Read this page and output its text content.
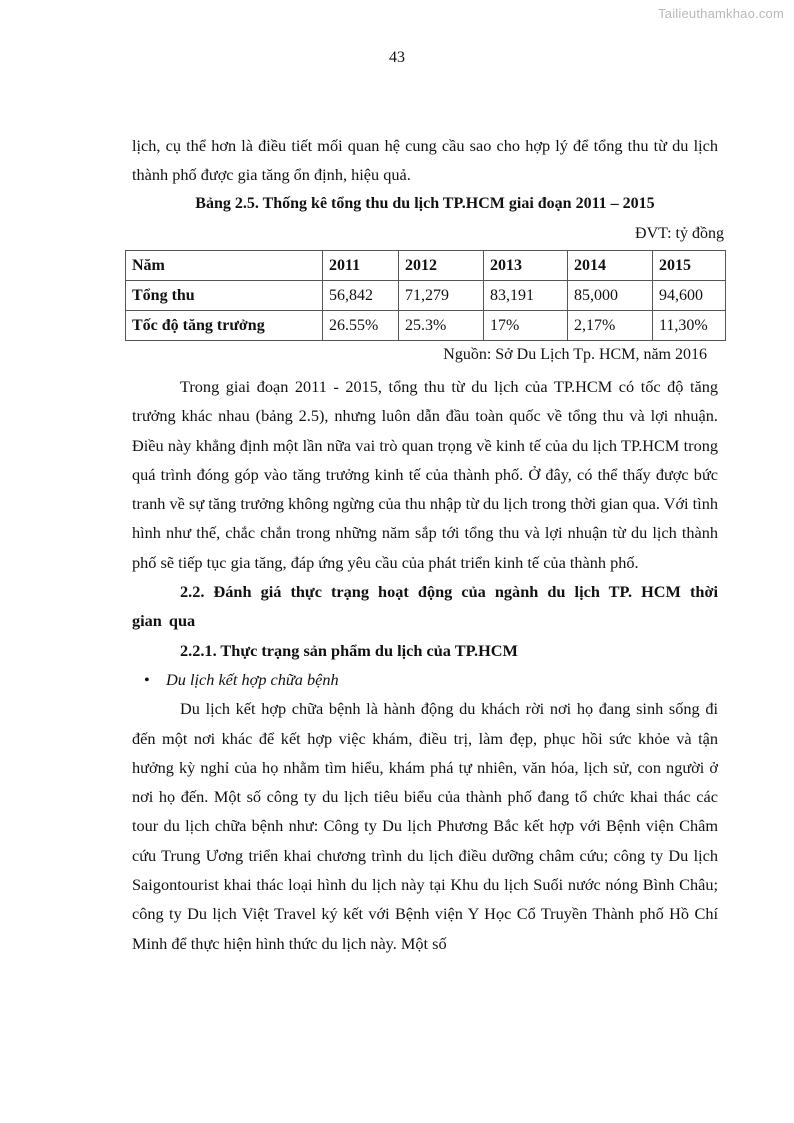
Tailieuthamkhao.com
43

lịch, cụ thể hơn là điều tiết mối quan hệ cung cầu sao cho hợp lý để tổng thu từ du lịch thành phố được gia tăng ổn định, hiệu quả.

Bảng 2.5. Thống kê tổng thu du lịch TP.HCM giai đoạn 2011 – 2015

ĐVT: tỷ đồng

Năm	2011	2012	2013	2014	2015
Tổng thu	56,842	71,279	83,191	85,000	94,600
Tốc độ tăng trưởng	26.55%	25.3%	17%	2,17%	11,30%
Nguồn: Sở Du Lịch Tp. HCM, năm 2016

Trong giai đoạn 2011 - 2015, tổng thu từ du lịch của TP.HCM có tốc độ tăng trưởng khác nhau (bảng 2.5), nhưng luôn dẫn đầu toàn quốc về tổng thu và lợi nhuận. Điều này khẳng định một lần nữa vai trò quan trọng về kinh tế của du lịch TP.HCM trong quá trình đóng góp vào tăng trưởng kinh tế của thành phố. Ở đây, có thể thấy được bức tranh về sự tăng trưởng không ngừng của thu nhập từ du lịch trong thời gian qua. Với tình hình như thế, chắc chắn trong những năm sắp tới tổng thu và lợi nhuận từ du lịch thành phố sẽ tiếp tục gia tăng, đáp ứng yêu cầu của phát triển kinh tế của thành phố.

2.2. Đánh giá thực trạng hoạt động của ngành du lịch TP. HCM thời gian qua

2.2.1. Thực trạng sản phẩm du lịch của TP.HCM

• Du lịch kết hợp chữa bệnh

Du lịch kết hợp chữa bệnh là hành động du khách rời nơi họ đang sinh sống đi đến một nơi khác để kết hợp việc khám, điều trị, làm đẹp, phục hồi sức khỏe và tận hưởng kỳ nghỉ của họ nhằm tìm hiểu, khám phá tự nhiên, văn hóa, lịch sử, con người ở nơi họ đến. Một số công ty du lịch tiêu biểu của thành phố đang tổ chức khai thác các tour du lịch chữa bệnh như: Công ty Du lịch Phương Bắc kết hợp với Bệnh viện Châm cứu Trung Ương triển khai chương trình du lịch điều dưỡng châm cứu; công ty Du lịch Saigontourist khai thác loại hình du lịch này tại Khu du lịch Suối nước nóng Bình Châu; công ty Du lịch Việt Travel ký kết với Bệnh viện Y Học Cổ Truyền Thành phố Hồ Chí Minh để thực hiện hình thức du lịch này. Một số
